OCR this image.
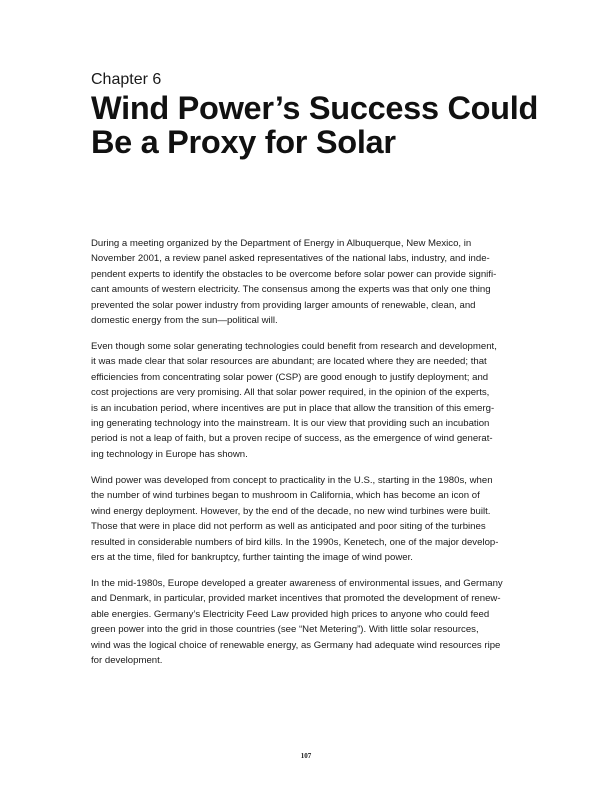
Chapter 6
Wind Power’s Success Could
Be a Proxy for Solar

During a meeting organized by the Department of Energy in Albuquerque, New Mexico, in
November 2001, a review panel asked representatives of the national labs, industry, and inde-
pendent experts to identify the obstacles to be overcome before solar power can provide signifi-
cant amounts of western electricity. The consensus among the experts was that only one thing
prevented the solar power industry from providing larger amounts of renewable, clean, and
domestic energy from the sun—political will.

Even though some solar generating technologies could benefit from research and development,
it was made clear that solar resources are abundant; are located where they are needed; that
efficiencies from concentrating solar power (CSP) are good enough to justify deployment; and
cost projections are very promising. All that solar power required, in the opinion of the experts,
is an incubation period, where incentives are put in place that allow the transition of this emerg-
ing generating technology into the mainstream. It is our view that providing such an incubation
period is not a leap of faith, but a proven recipe of success, as the emergence of wind generat-
ing technology in Europe has shown.

Wind power was developed from concept to practicality in the U.S., starting in the 1980s, when
the number of wind turbines began to mushroom in California, which has become an icon of
wind energy deployment. However, by the end of the decade, no new wind turbines were built.
Those that were in place did not perform as well as anticipated and poor siting of the turbines
resulted in considerable numbers of bird kills. In the 1990s, Kenetech, one of the major develop-
ers at the time, filed for bankruptcy, further tainting the image of wind power.

In the mid-1980s, Europe developed a greater awareness of environmental issues, and Germany
and Denmark, in particular, provided market incentives that promoted the development of renew-
able energies. Germany’s Electricity Feed Law provided high prices to anyone who could feed
green power into the grid in those countries (see “Net Metering”). With little solar resources,
wind was the logical choice of renewable energy, as Germany had adequate wind resources ripe
for development.

107
